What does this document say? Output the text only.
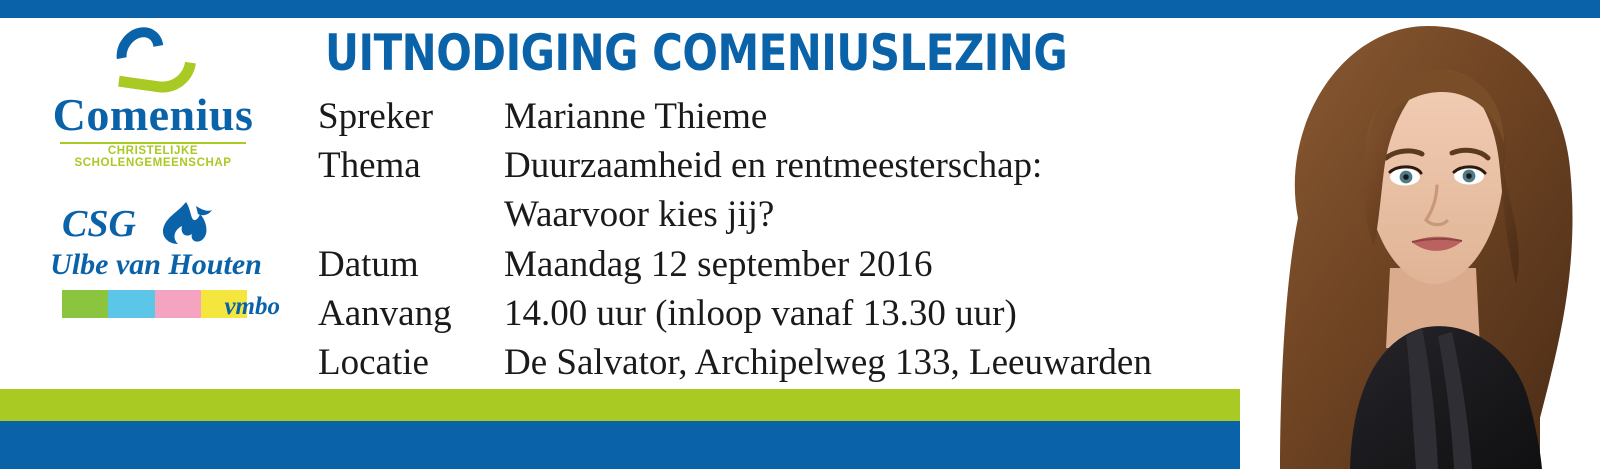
Comenius
CHRISTELIJKE SCHOLENGEMEENSCHAP
CSG
Ulbe van Houten
vmbo
UITNODIGING COMENIUSLEZING
Spreker	Marianne Thieme
Thema	Duurzaamheid en rentmeesterschap:
Waarvoor kies jij?
Datum	Maandag 12 september 2016
Aanvang	14.00 uur (inloop vanaf 13.30 uur)
Locatie	De Salvator, Archipelweg 133, Leeuwarden
